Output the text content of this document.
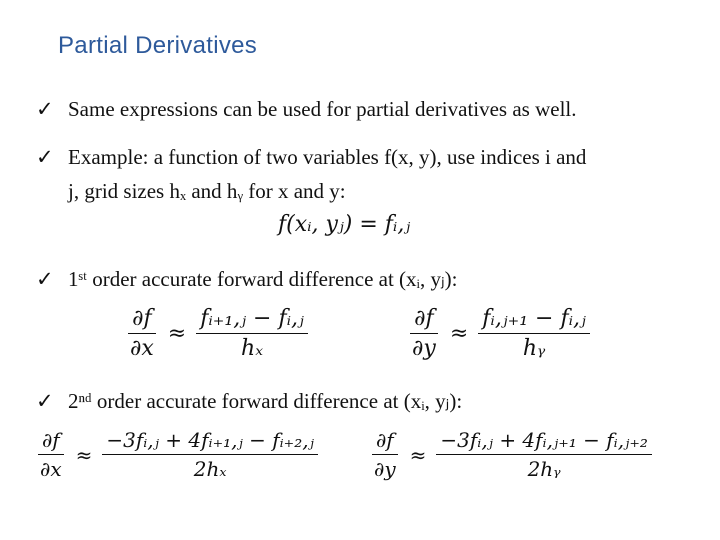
Partial Derivatives
✓ Same expressions can be used for partial derivatives as well.
✓ Example: a function of two variables f(x, y), use indices i and
j, grid sizes hₓ and hᵧ for x and y:
f(xᵢ, yⱼ) = fᵢ,ⱼ
✓ 1ˢᵗ order accurate forward difference at (xᵢ, yⱼ):
$\frac{\partial f}{\partial x} \approx \frac{\text{fᵢ₊₁,ⱼ − fᵢ,ⱼ}}{\text{hₓ}}$	$\frac{\partial f}{\partial y} \approx \frac{\text{fᵢ,ⱼ₊₁ − fᵢ,ⱼ}}{\text{hᵧ}}$
✓ 2ⁿᵈ order accurate forward difference at (xᵢ, yⱼ):
$\frac{\partial f}{\partial x} \approx \frac{\text{−3fᵢ,ⱼ + 4fᵢ₊₁,ⱼ − fᵢ₊₂,ⱼ}}{\text{2hₓ}}$	$\frac{\partial f}{\partial y} \approx \frac{\text{−3fᵢ,ⱼ + 4fᵢ,ⱼ₊₁ − fᵢ,ⱼ₊₂}}{\text{2hᵧ}}$
